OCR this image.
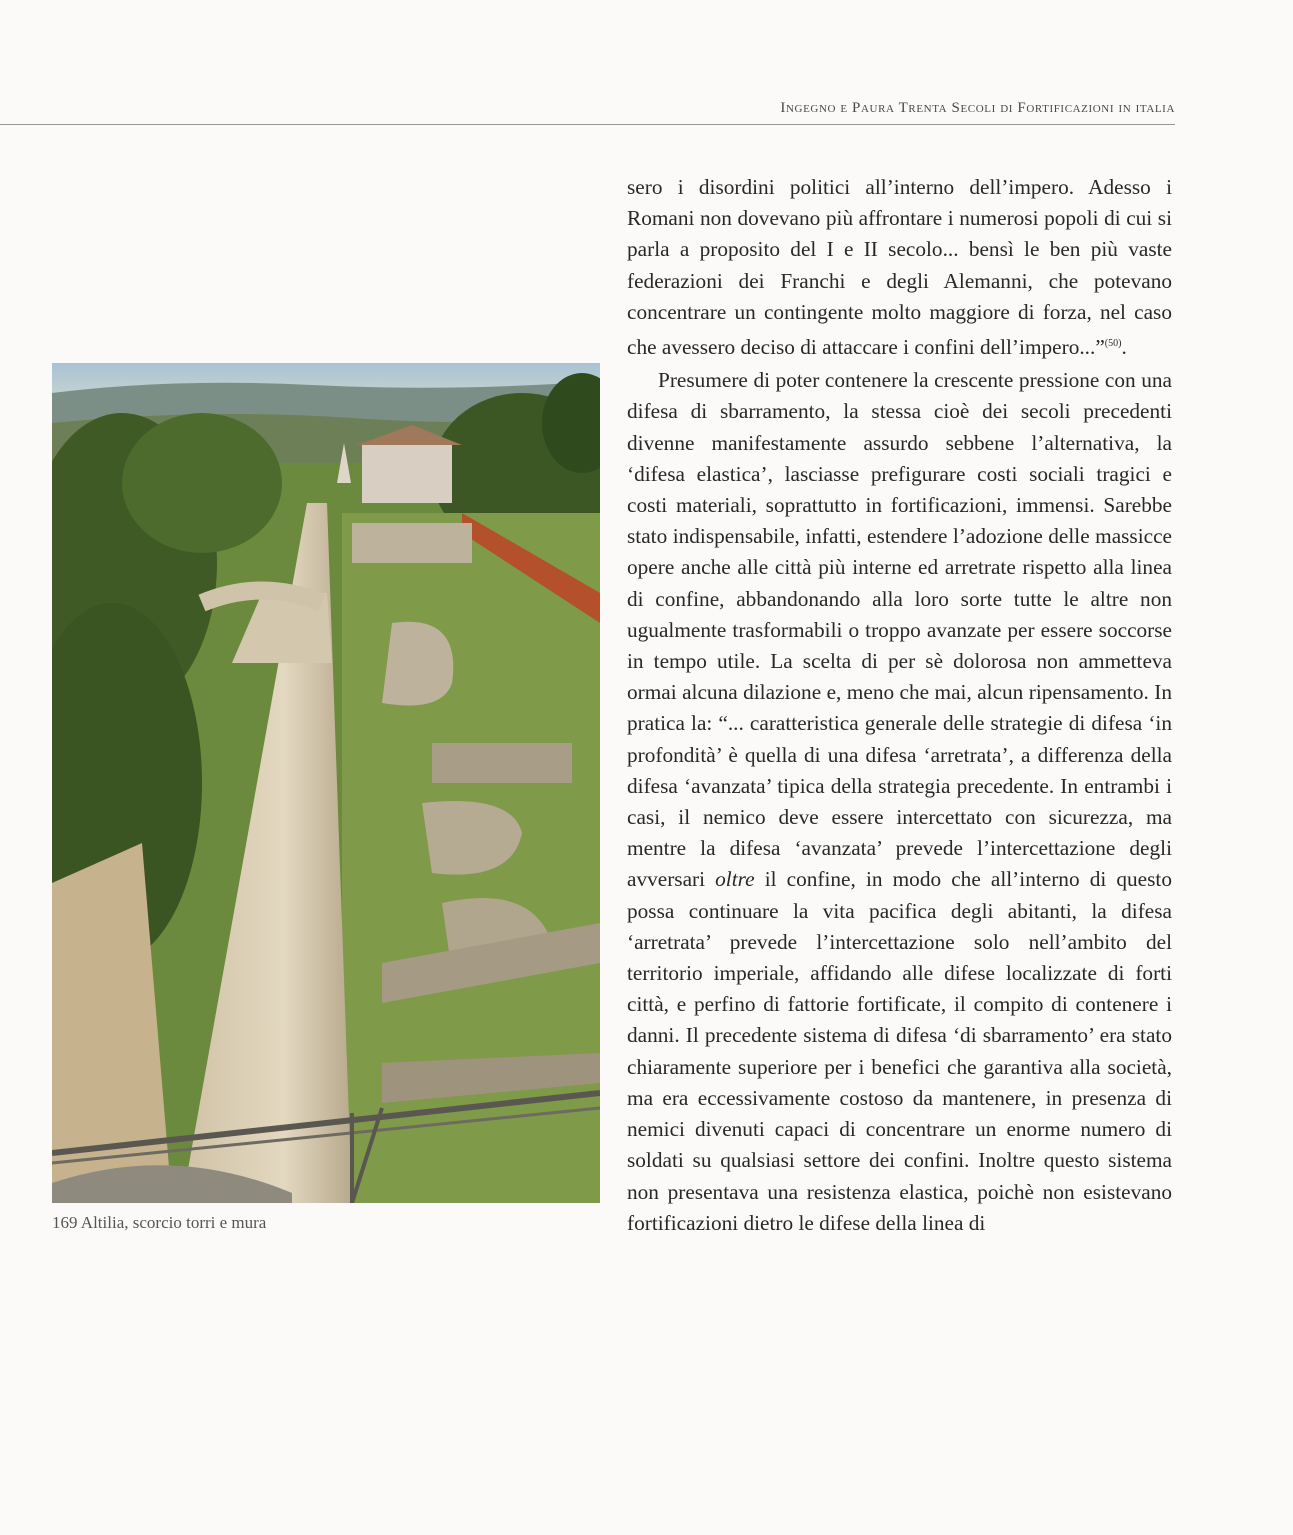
Ingegno e Paura Trenta Secoli di Fortificazioni in italia
169 Altilia, scorcio torri e mura

sero i disordini politici all’interno dell’impero. Adesso i Romani non dovevano più affrontare i numerosi popoli di cui si parla a proposito del I e II secolo... bensì le ben più vaste federazioni dei Franchi e degli Alemanni, che potevano concentrare un contingente molto maggiore di forza, nel caso che avessero deciso di attaccare i confini dell’impero...”$^{(50)}$.

Presumere di poter contenere la crescente pressione con una difesa di sbarramento, la stessa cioè dei secoli precedenti divenne manifestamente assurdo sebbene l’alternativa, la ‘difesa elastica’, lasciasse prefigurare costi sociali tragici e costi materiali, soprattutto in fortificazioni, immensi. Sarebbe stato indispensabile, infatti, estendere l’adozione delle massicce opere anche alle città più interne ed arretrate rispetto alla linea di confine, abbandonando alla loro sorte tutte le altre non ugualmente trasformabili o troppo avanzate per essere soccorse in tempo utile. La scelta di per sè dolorosa non ammetteva ormai alcuna dilazione e, meno che mai, alcun ripensamento. In pratica la: “... caratteristica generale delle strategie di difesa ‘in profondità’ è quella di una difesa ‘arretrata’, a differenza della difesa ‘avanzata’ tipica della strategia precedente. In entrambi i casi, il nemico deve essere intercettato con sicurezza, ma mentre la difesa ‘avanzata’ prevede l’intercettazione degli avversari oltre il confine, in modo che all’interno di questo possa continuare la vita pacifica degli abitanti, la difesa ‘arretrata’ prevede l’intercettazione solo nell’ambito del territorio imperiale, affidando alle difese localizzate di forti città, e perfino di fattorie fortificate, il compito di contenere i danni. Il precedente sistema di difesa ‘di sbarramento’ era stato chiaramente superiore per i benefici che garantiva alla società, ma era eccessivamente costoso da mantenere, in presenza di nemici divenuti capaci di concentrare un enorme numero di soldati su qualsiasi settore dei confini. Inoltre questo sistema non presentava una resistenza elastica, poichè non esistevano fortificazioni dietro le difese della linea di
